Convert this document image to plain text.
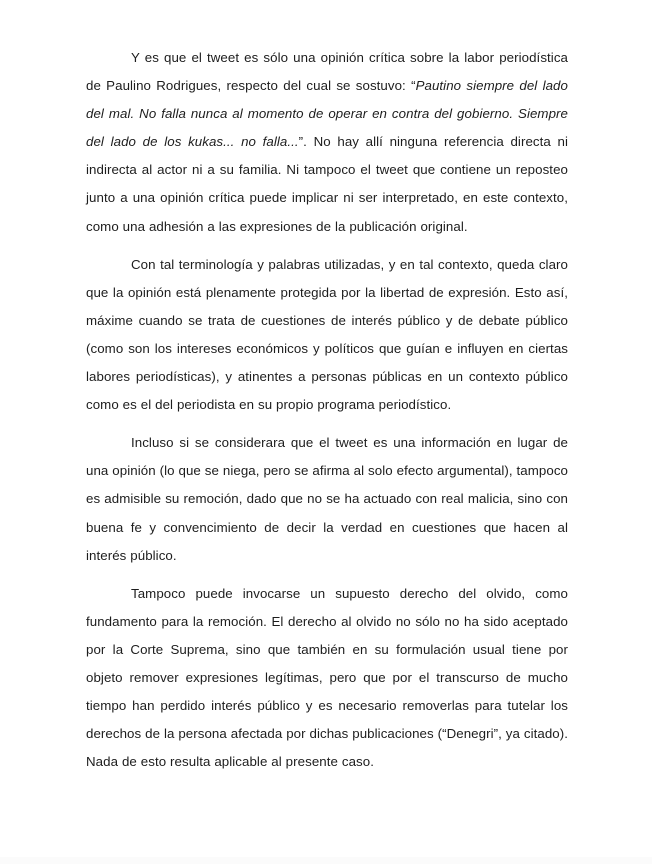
Y es que el tweet es sólo una opinión crítica sobre la labor periodística de Paulino Rodrigues, respecto del cual se sostuvo: “Pautino siempre del lado del mal. No falla nunca al momento de operar en contra del gobierno. Siempre del lado de los kukas... no falla...”. No hay allí ninguna referencia directa ni indirecta al actor ni a su familia. Ni tampoco el tweet que contiene un reposteo junto a una opinión crítica puede implicar ni ser interpretado, en este contexto, como una adhesión a las expresiones de la publicación original.

Con tal terminología y palabras utilizadas, y en tal contexto, queda claro que la opinión está plenamente protegida por la libertad de expresión. Esto así, máxime cuando se trata de cuestiones de interés público y de debate público (como son los intereses económicos y políticos que guían e influyen en ciertas labores periodísticas), y atinentes a personas públicas en un contexto público como es el del periodista en su propio programa periodístico.

Incluso si se considerara que el tweet es una información en lugar de una opinión (lo que se niega, pero se afirma al solo efecto argumental), tampoco es admisible su remoción, dado que no se ha actuado con real malicia, sino con buena fe y convencimiento de decir la verdad en cuestiones que hacen al interés público.

Tampoco puede invocarse un supuesto derecho del olvido, como fundamento para la remoción. El derecho al olvido no sólo no ha sido aceptado por la Corte Suprema, sino que también en su formulación usual tiene por objeto remover expresiones legítimas, pero que por el transcurso de mucho tiempo han perdido interés público y es necesario removerlas para tutelar los derechos de la persona afectada por dichas publicaciones (“Denegri”, ya citado). Nada de esto resulta aplicable al presente caso.
